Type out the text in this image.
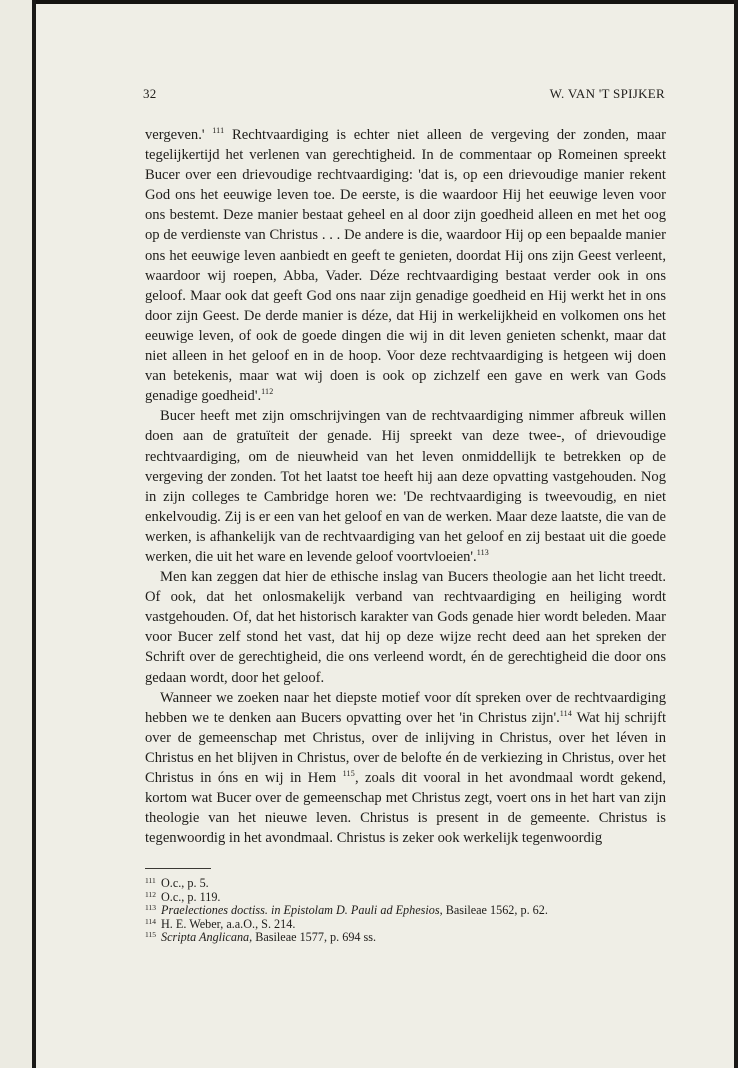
32	W. VAN 'T SPIJKER

vergeven.' $^{111}$ Rechtvaardiging is echter niet alleen de vergeving der zonden, maar tegelijkertijd het verlenen van gerechtigheid. In de commentaar op Romeinen spreekt Bucer over een drievoudige rechtvaardiging: 'dat is, op een drievoudige manier rekent God ons het eeuwige leven toe. De eerste, is die waardoor Hij het eeuwige leven voor ons bestemt. Deze manier bestaat geheel en al door zijn goedheid alleen en met het oog op de verdienste van Christus . . . De andere is die, waardoor Hij op een bepaalde manier ons het eeuwige leven aanbiedt en geeft te genieten, doordat Hij ons zijn Geest verleent, waardoor wij roepen, Abba, Vader. Déze rechtvaardiging bestaat verder ook in ons geloof. Maar ook dat geeft God ons naar zijn genadige goedheid en Hij werkt het in ons door zijn Geest. De derde manier is déze, dat Hij in werkelijkheid en volkomen ons het eeuwige leven, of ook de goede dingen die wij in dit leven genieten schenkt, maar dat niet alleen in het geloof en in de hoop. Voor deze rechtvaardiging is hetgeen wij doen van betekenis, maar wat wij doen is ook op zichzelf een gave en werk van Gods genadige goedheid'.$^{112}$

Bucer heeft met zijn omschrijvingen van de rechtvaardiging nimmer afbreuk willen doen aan de gratuïteit der genade. Hij spreekt van deze twee-, of drievoudige rechtvaardiging, om de nieuwheid van het leven onmiddellijk te betrekken op de vergeving der zonden. Tot het laatst toe heeft hij aan deze opvatting vastgehouden. Nog in zijn colleges te Cambridge horen we: 'De rechtvaardiging is tweevoudig, en niet enkelvoudig. Zij is er een van het geloof en van de werken. Maar deze laatste, die van de werken, is afhankelijk van de rechtvaardiging van het geloof en zij bestaat uit die goede werken, die uit het ware en levende geloof voortvloeien'.$^{113}$

Men kan zeggen dat hier de ethische inslag van Bucers theologie aan het licht treedt. Of ook, dat het onlosmakelijk verband van rechtvaardiging en heiliging wordt vastgehouden. Of, dat het historisch karakter van Gods genade hier wordt beleden. Maar voor Bucer zelf stond het vast, dat hij op deze wijze recht deed aan het spreken der Schrift over de gerechtigheid, die ons verleend wordt, én de gerechtigheid die door ons gedaan wordt, door het geloof.

Wanneer we zoeken naar het diepste motief voor dít spreken over de rechtvaardiging hebben we te denken aan Bucers opvatting over het 'in Christus zijn'.$^{114}$ Wat hij schrijft over de gemeenschap met Christus, over de inlijving in Christus, over het léven in Christus en het blijven in Christus, over de belofte én de verkiezing in Christus, over het Christus in óns en wij in Hem $^{115}$, zoals dit vooral in het avondmaal wordt gekend, kortom wat Bucer over de gemeenschap met Christus zegt, voert ons in het hart van zijn theologie van het nieuwe leven. Christus is present in de gemeente. Christus is tegenwoordig in het avondmaal. Christus is zeker ook werkelijk tegenwoordig

111 O.c., p. 5.
112 O.c., p. 119.
113 Praelectiones doctiss. in Epistolam D. Pauli ad Ephesios, Basileae 1562, p. 62.
114 H. E. Weber, a.a.O., S. 214.
115 Scripta Anglicana, Basileae 1577, p. 694 ss.
